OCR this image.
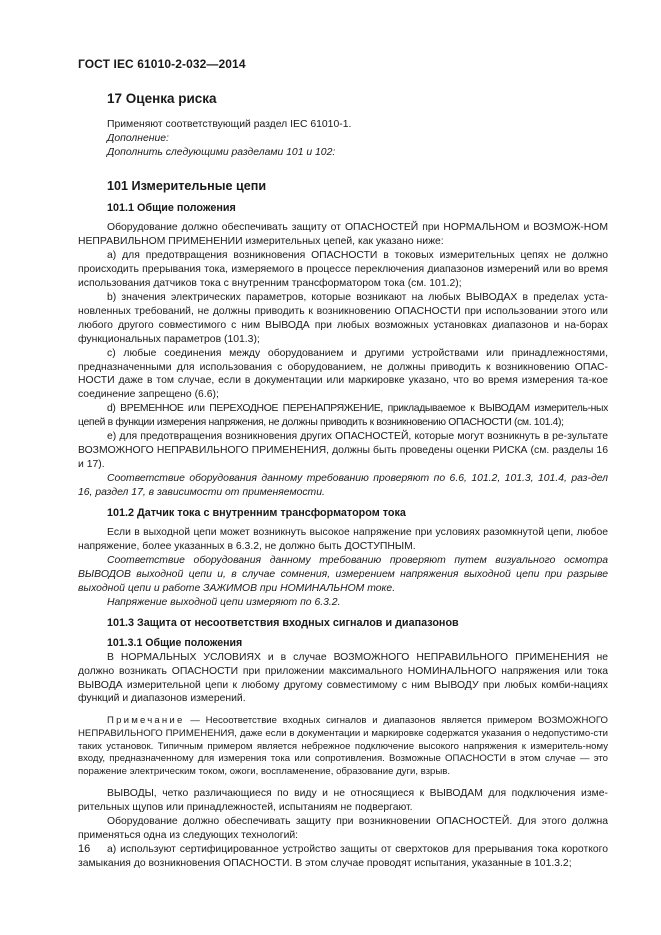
ГОСТ IEC 61010-2-032—2014
17 Оценка риска

Применяют соответствующий раздел IEC 61010-1.

Дополнение:

Дополнить следующими разделами 101 и 102:

101 Измерительные цепи
101.1 Общие положения

Оборудование должно обеспечивать защиту от ОПАСНОСТЕЙ при НОРМАЛЬНОМ и ВОЗМОЖ-НОМ НЕПРАВИЛЬНОМ ПРИМЕНЕНИИ измерительных цепей, как указано ниже:

a) для предотвращения возникновения ОПАСНОСТИ в токовых измерительных цепях не должно происходить прерывания тока, измеряемого в процессе переключения диапазонов измерений или во время использования датчиков тока с внутренним трансформатором тока (см. 101.2);

b) значения электрических параметров, которые возникают на любых ВЫВОДАХ в пределах уста-новленных требований, не должны приводить к возникновению ОПАСНОСТИ при использовании этого или любого другого совместимого с ним ВЫВОДА при любых возможных установках диапазонов и на-борах функциональных параметров (101.3);

c) любые соединения между оборудованием и другими устройствами или принадлежностями, предназначенными для использования с оборудованием, не должны приводить к возникновению ОПАС-НОСТИ даже в том случае, если в документации или маркировке указано, что во время измерения та-кое соединение запрещено (6.6);

d) ВРЕМЕННОЕ или ПЕРЕХОДНОЕ ПЕРЕНАПРЯЖЕНИЕ, прикладываемое к ВЫВОДАМ измеритель-ных цепей в функции измерения напряжения, не должны приводить к возникновению ОПАСНОСТИ (см. 101.4);

e) для предотвращения возникновения других ОПАСНОСТЕЙ, которые могут возникнуть в ре-зультате ВОЗМОЖНОГО НЕПРАВИЛЬНОГО ПРИМЕНЕНИЯ, должны быть проведены оценки РИСКА (см. разделы 16 и 17).

Соответствие оборудования данному требованию проверяют по 6.6, 101.2, 101.3, 101.4, раз-дел 16, раздел 17, в зависимости от применяемости.

101.2 Датчик тока с внутренним трансформатором тока

Если в выходной цепи может возникнуть высокое напряжение при условиях разомкнутой цепи, любое напряжение, более указанных в 6.3.2, не должно быть ДОСТУПНЫМ.

Соответствие оборудования данному требованию проверяют путем визуального осмотра ВЫВОДОВ выходной цепи и, в случае сомнения, измерением напряжения выходной цепи при разрыве выходной цепи и работе ЗАЖИМОВ при НОМИНАЛЬНОМ токе.

Напряжение выходной цепи измеряют по 6.3.2.

101.3 Защита от несоответствия входных сигналов и диапазонов
101.3.1 Общие положения

В НОРМАЛЬНЫХ УСЛОВИЯХ и в случае ВОЗМОЖНОГО НЕПРАВИЛЬНОГО ПРИМЕНЕНИЯ не должно возникать ОПАСНОСТИ при приложении максимального НОМИНАЛЬНОГО напряжения или тока ВЫВОДА измерительной цепи к любому другому совместимому с ним ВЫВОДУ при любых комби-нациях функций и диапазонов измерений.

Примечание — Несоответствие входных сигналов и диапазонов является примером ВОЗМОЖНОГО НЕПРАВИЛЬНОГО ПРИМЕНЕНИЯ, даже если в документации и маркировке содержатся указания о недопустимо-сти таких установок. Типичным примером является небрежное подключение высокого напряжения к измеритель-ному входу, предназначенному для измерения тока или сопротивления. Возможные ОПАСНОСТИ в этом случае — это поражение электрическим током, ожоги, воспламенение, образование дуги, взрыв.

ВЫВОДЫ, четко различающиеся по виду и не относящиеся к ВЫВОДАМ для подключения изме-рительных щупов или принадлежностей, испытаниям не подвергают.

Оборудование должно обеспечивать защиту при возникновении ОПАСНОСТЕЙ. Для этого должна применяться одна из следующих технологий:

a) используют сертифицированное устройство защиты от сверхтоков для прерывания тока короткого замыкания до возникновения ОПАСНОСТИ. В этом случае проводят испытания, указанные в 101.3.2;

16
